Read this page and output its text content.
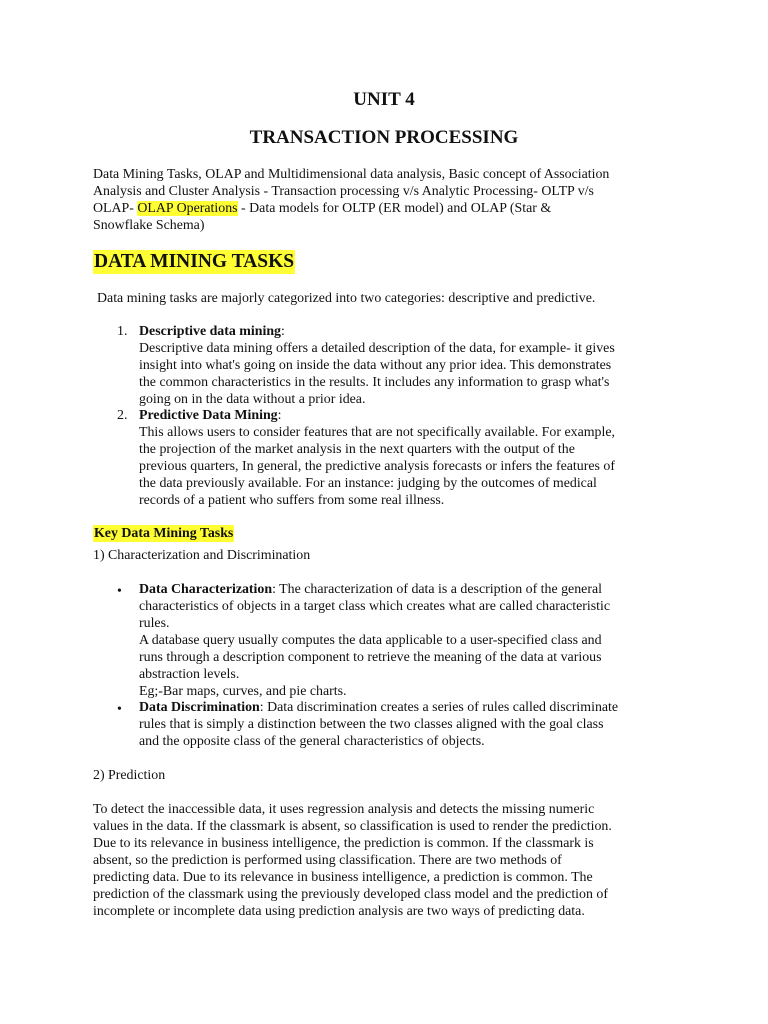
UNIT 4
TRANSACTION PROCESSING
Data Mining Tasks, OLAP and Multidimensional data analysis, Basic concept of Association
Analysis and Cluster Analysis - Transaction processing v/s Analytic Processing- OLTP v/s
OLAP- OLAP Operations - Data models for OLTP (ER model) and OLAP (Star &
Snowflake Schema)
DATA MINING TASKS
Data mining tasks are majorly categorized into two categories: descriptive and predictive.
1. Descriptive data mining:
Descriptive data mining offers a detailed description of the data, for example- it gives
insight into what's going on inside the data without any prior idea. This demonstrates
the common characteristics in the results. It includes any information to grasp what's
going on in the data without a prior idea.
2. Predictive Data Mining:
This allows users to consider features that are not specifically available. For example,
the projection of the market analysis in the next quarters with the output of the
previous quarters, In general, the predictive analysis forecasts or infers the features of
the data previously available. For an instance: judging by the outcomes of medical
records of a patient who suffers from some real illness.
Key Data Mining Tasks
1) Characterization and Discrimination
• Data Characterization: The characterization of data is a description of the general
characteristics of objects in a target class which creates what are called characteristic
rules.
A database query usually computes the data applicable to a user-specified class and
runs through a description component to retrieve the meaning of the data at various
abstraction levels.
Eg;-Bar maps, curves, and pie charts.
• Data Discrimination: Data discrimination creates a series of rules called discriminate
rules that is simply a distinction between the two classes aligned with the goal class
and the opposite class of the general characteristics of objects.
2) Prediction
To detect the inaccessible data, it uses regression analysis and detects the missing numeric
values in the data. If the classmark is absent, so classification is used to render the prediction.
Due to its relevance in business intelligence, the prediction is common. If the classmark is
absent, so the prediction is performed using classification. There are two methods of
predicting data. Due to its relevance in business intelligence, a prediction is common. The
prediction of the classmark using the previously developed class model and the prediction of
incomplete or incomplete data using prediction analysis are two ways of predicting data.
